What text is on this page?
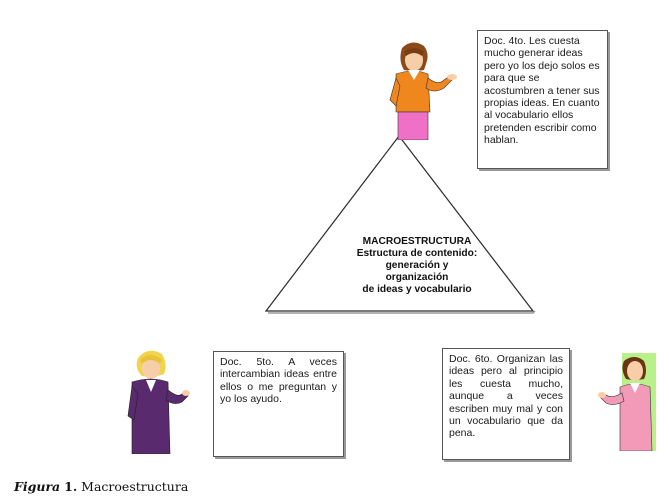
MACROESTRUCTURA
Estructura de contenido:
generación y
organización
de ideas y vocabulario
Doc. 4to. Les cuesta mucho generar ideas pero yo los dejo solos es para que se acostumbren a tener sus propias ideas. En cuanto al vocabulario ellos pretenden escribir como hablan.
Doc. 5to. A veces intercambian ideas entre ellos o me preguntan y yo los ayudo.
Doc. 6to. Organizan las ideas pero al principio les cuesta mucho, aunque a veces escriben muy mal y con un vocabulario que da pena.
Figura 1. Macroestructura
